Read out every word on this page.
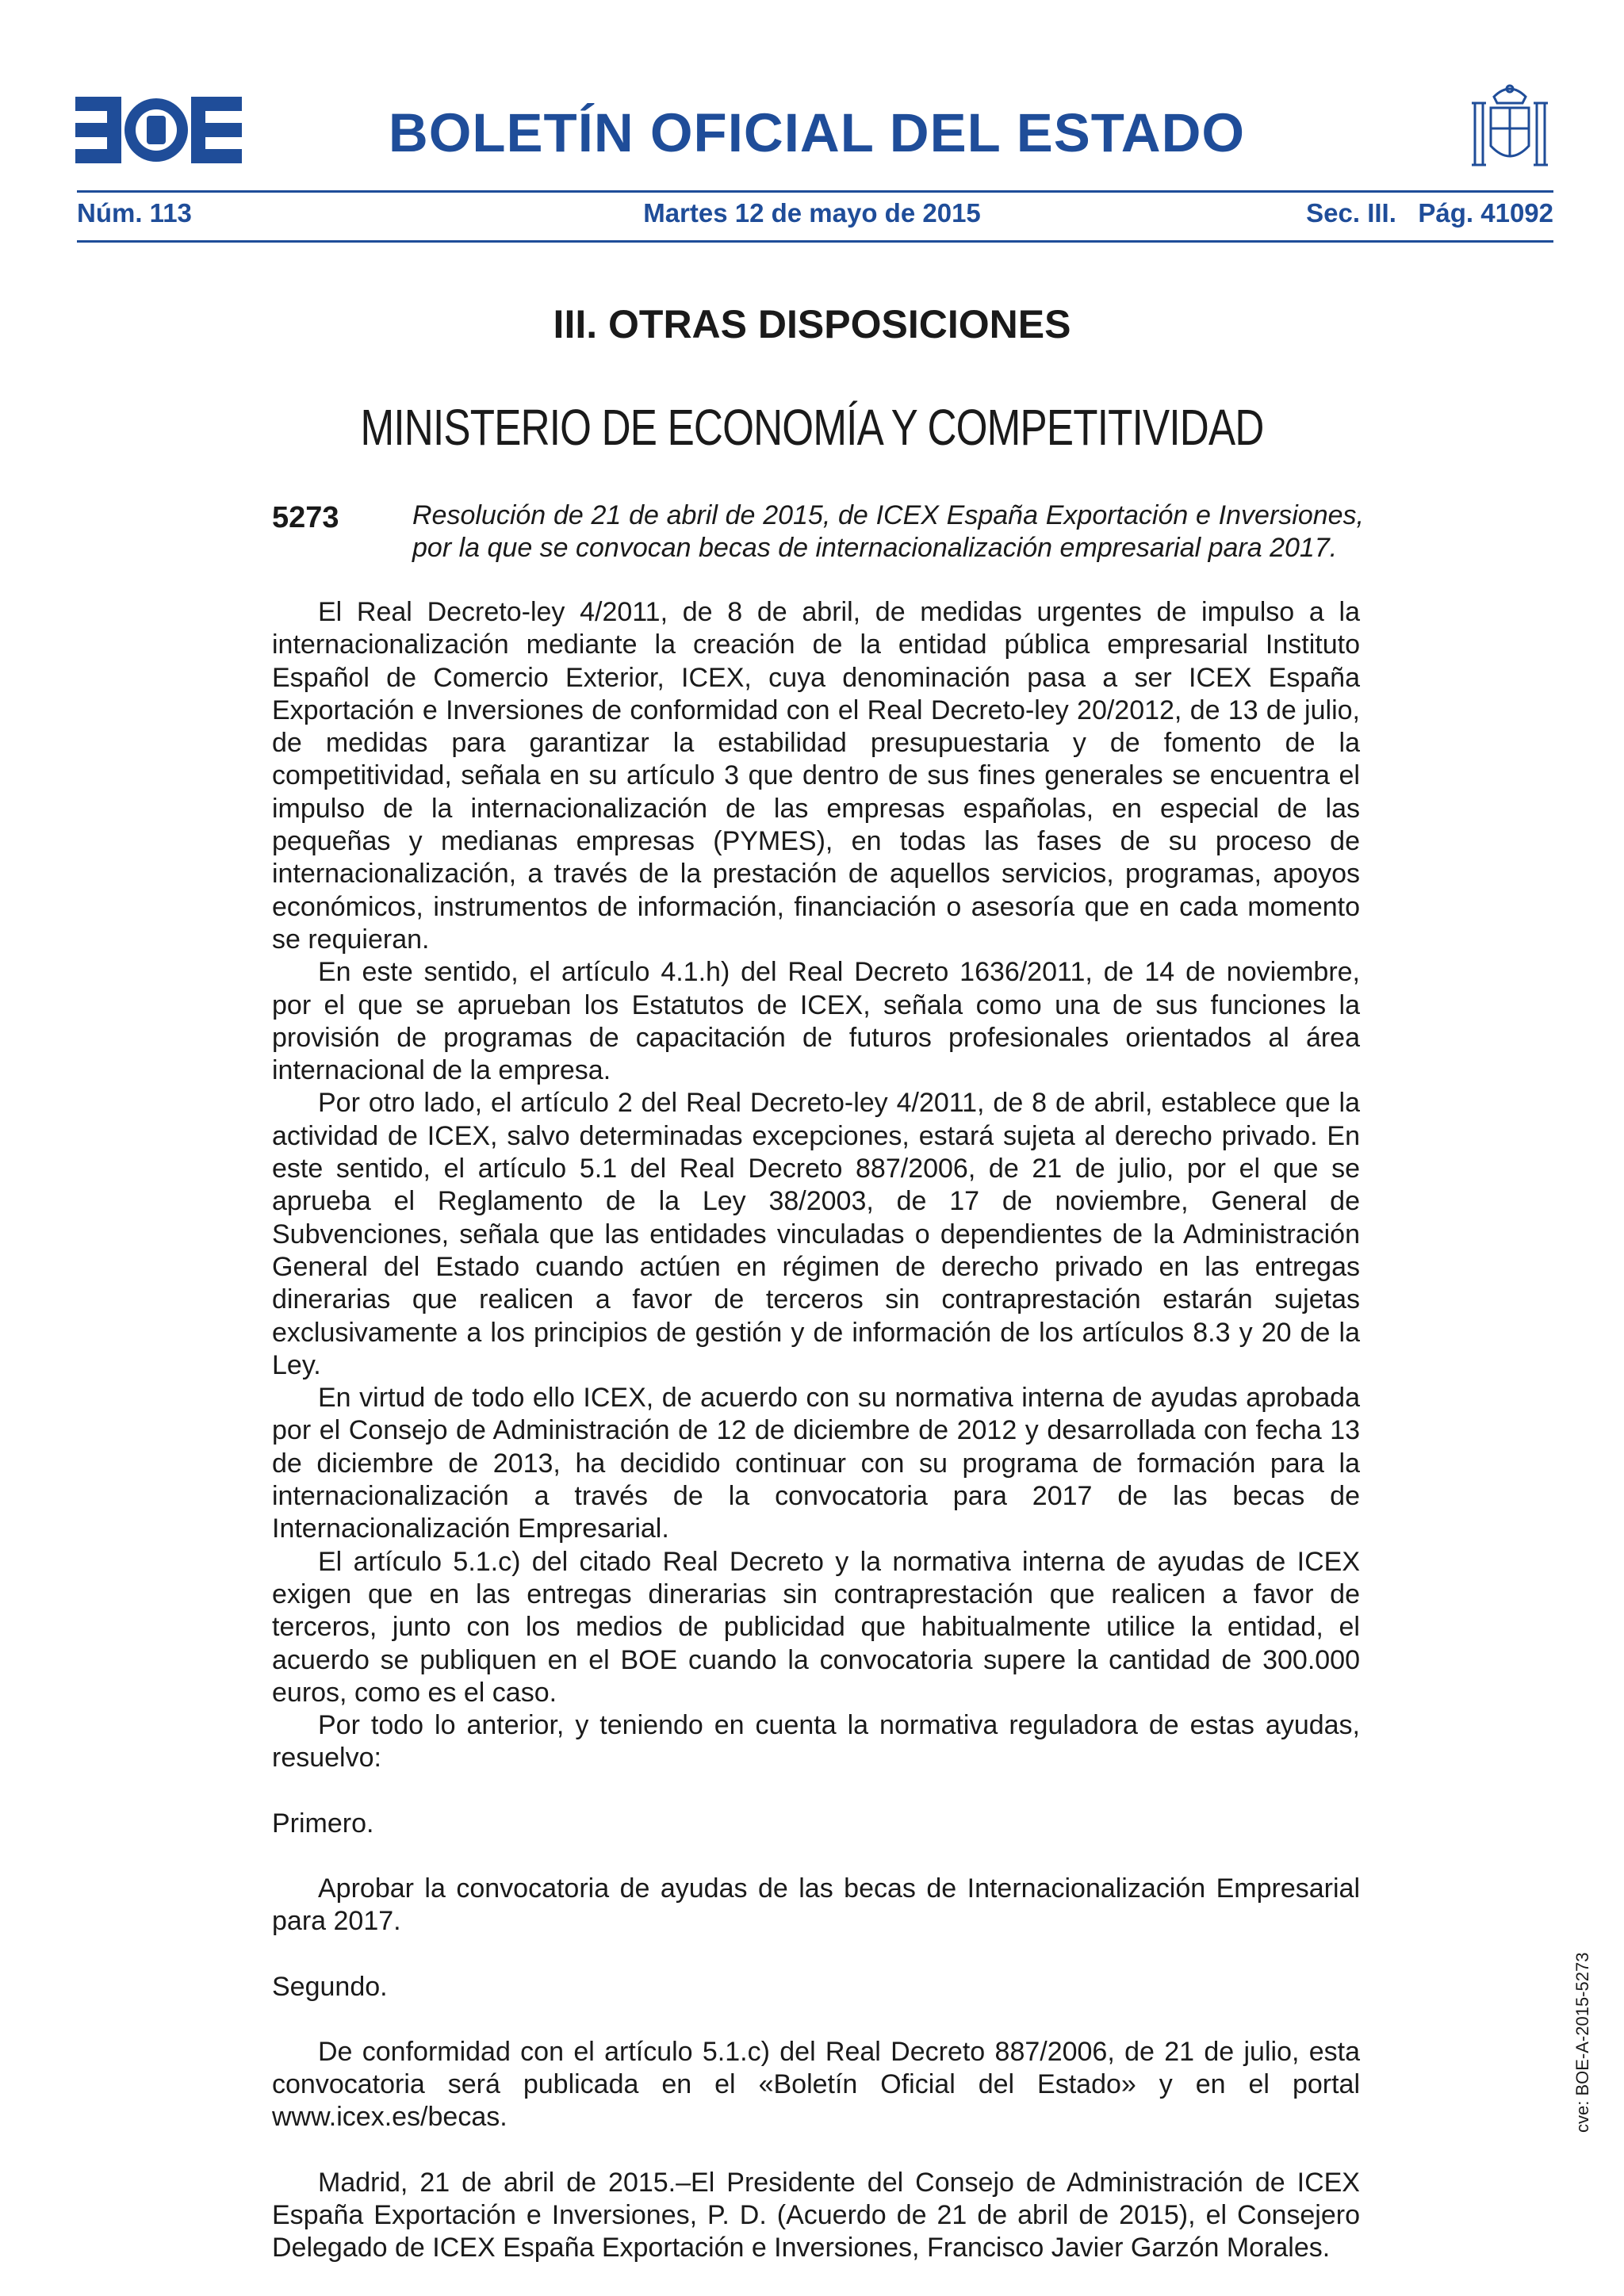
BOLETÍN OFICIAL DEL ESTADO
Núm. 113	Martes 12 de mayo de 2015	Sec. III.   Pág. 41092
III. OTRAS DISPOSICIONES
MINISTERIO DE ECONOMÍA Y COMPETITIVIDAD
5273	Resolución de 21 de abril de 2015, de ICEX España Exportación e Inversiones,
por la que se convocan becas de internacionalización empresarial para 2017.

El Real Decreto-ley 4/2011, de 8 de abril, de medidas urgentes de impulso a la internacionalización mediante la creación de la entidad pública empresarial Instituto Español de Comercio Exterior, ICEX, cuya denominación pasa a ser ICEX España Exportación e Inversiones de conformidad con el Real Decreto-ley 20/2012, de 13 de julio, de medidas para garantizar la estabilidad presupuestaria y de fomento de la competitividad, señala en su artículo 3 que dentro de sus fines generales se encuentra el impulso de la internacionalización de las empresas españolas, en especial de las pequeñas y medianas empresas (PYMES), en todas las fases de su proceso de internacionalización, a través de la prestación de aquellos servicios, programas, apoyos económicos, instrumentos de información, financiación o asesoría que en cada momento se requieran.

En este sentido, el artículo 4.1.h) del Real Decreto 1636/2011, de 14 de noviembre, por el que se aprueban los Estatutos de ICEX, señala como una de sus funciones la provisión de programas de capacitación de futuros profesionales orientados al área internacional de la empresa.

Por otro lado, el artículo 2 del Real Decreto-ley 4/2011, de 8 de abril, establece que la actividad de ICEX, salvo determinadas excepciones, estará sujeta al derecho privado. En este sentido, el artículo 5.1 del Real Decreto 887/2006, de 21 de julio, por el que se aprueba el Reglamento de la Ley 38/2003, de 17 de noviembre, General de Subvenciones, señala que las entidades vinculadas o dependientes de la Administración General del Estado cuando actúen en régimen de derecho privado en las entregas dinerarias que realicen a favor de terceros sin contraprestación estarán sujetas exclusivamente a los principios de gestión y de información de los artículos 8.3 y 20 de la Ley.

En virtud de todo ello ICEX, de acuerdo con su normativa interna de ayudas aprobada por el Consejo de Administración de 12 de diciembre de 2012 y desarrollada con fecha 13 de diciembre de 2013, ha decidido continuar con su programa de formación para la internacionalización a través de la convocatoria para 2017 de las becas de Internacionalización Empresarial.

El artículo 5.1.c) del citado Real Decreto y la normativa interna de ayudas de ICEX exigen que en las entregas dinerarias sin contraprestación que realicen a favor de terceros, junto con los medios de publicidad que habitualmente utilice la entidad, el acuerdo se publiquen en el BOE cuando la convocatoria supere la cantidad de 300.000 euros, como es el caso.

Por todo lo anterior, y teniendo en cuenta la normativa reguladora de estas ayudas, resuelvo:

Primero.

Aprobar la convocatoria de ayudas de las becas de Internacionalización Empresarial para 2017.

Segundo.

De conformidad con el artículo 5.1.c) del Real Decreto 887/2006, de 21 de julio, esta convocatoria será publicada en el «Boletín Oficial del Estado» y en el portal www.icex.es/becas.

Madrid, 21 de abril de 2015.–El Presidente del Consejo de Administración de ICEX España Exportación e Inversiones, P. D. (Acuerdo de 21 de abril de 2015), el Consejero Delegado de ICEX España Exportación e Inversiones, Francisco Javier Garzón Morales.

cve: BOE-A-2015-5273
